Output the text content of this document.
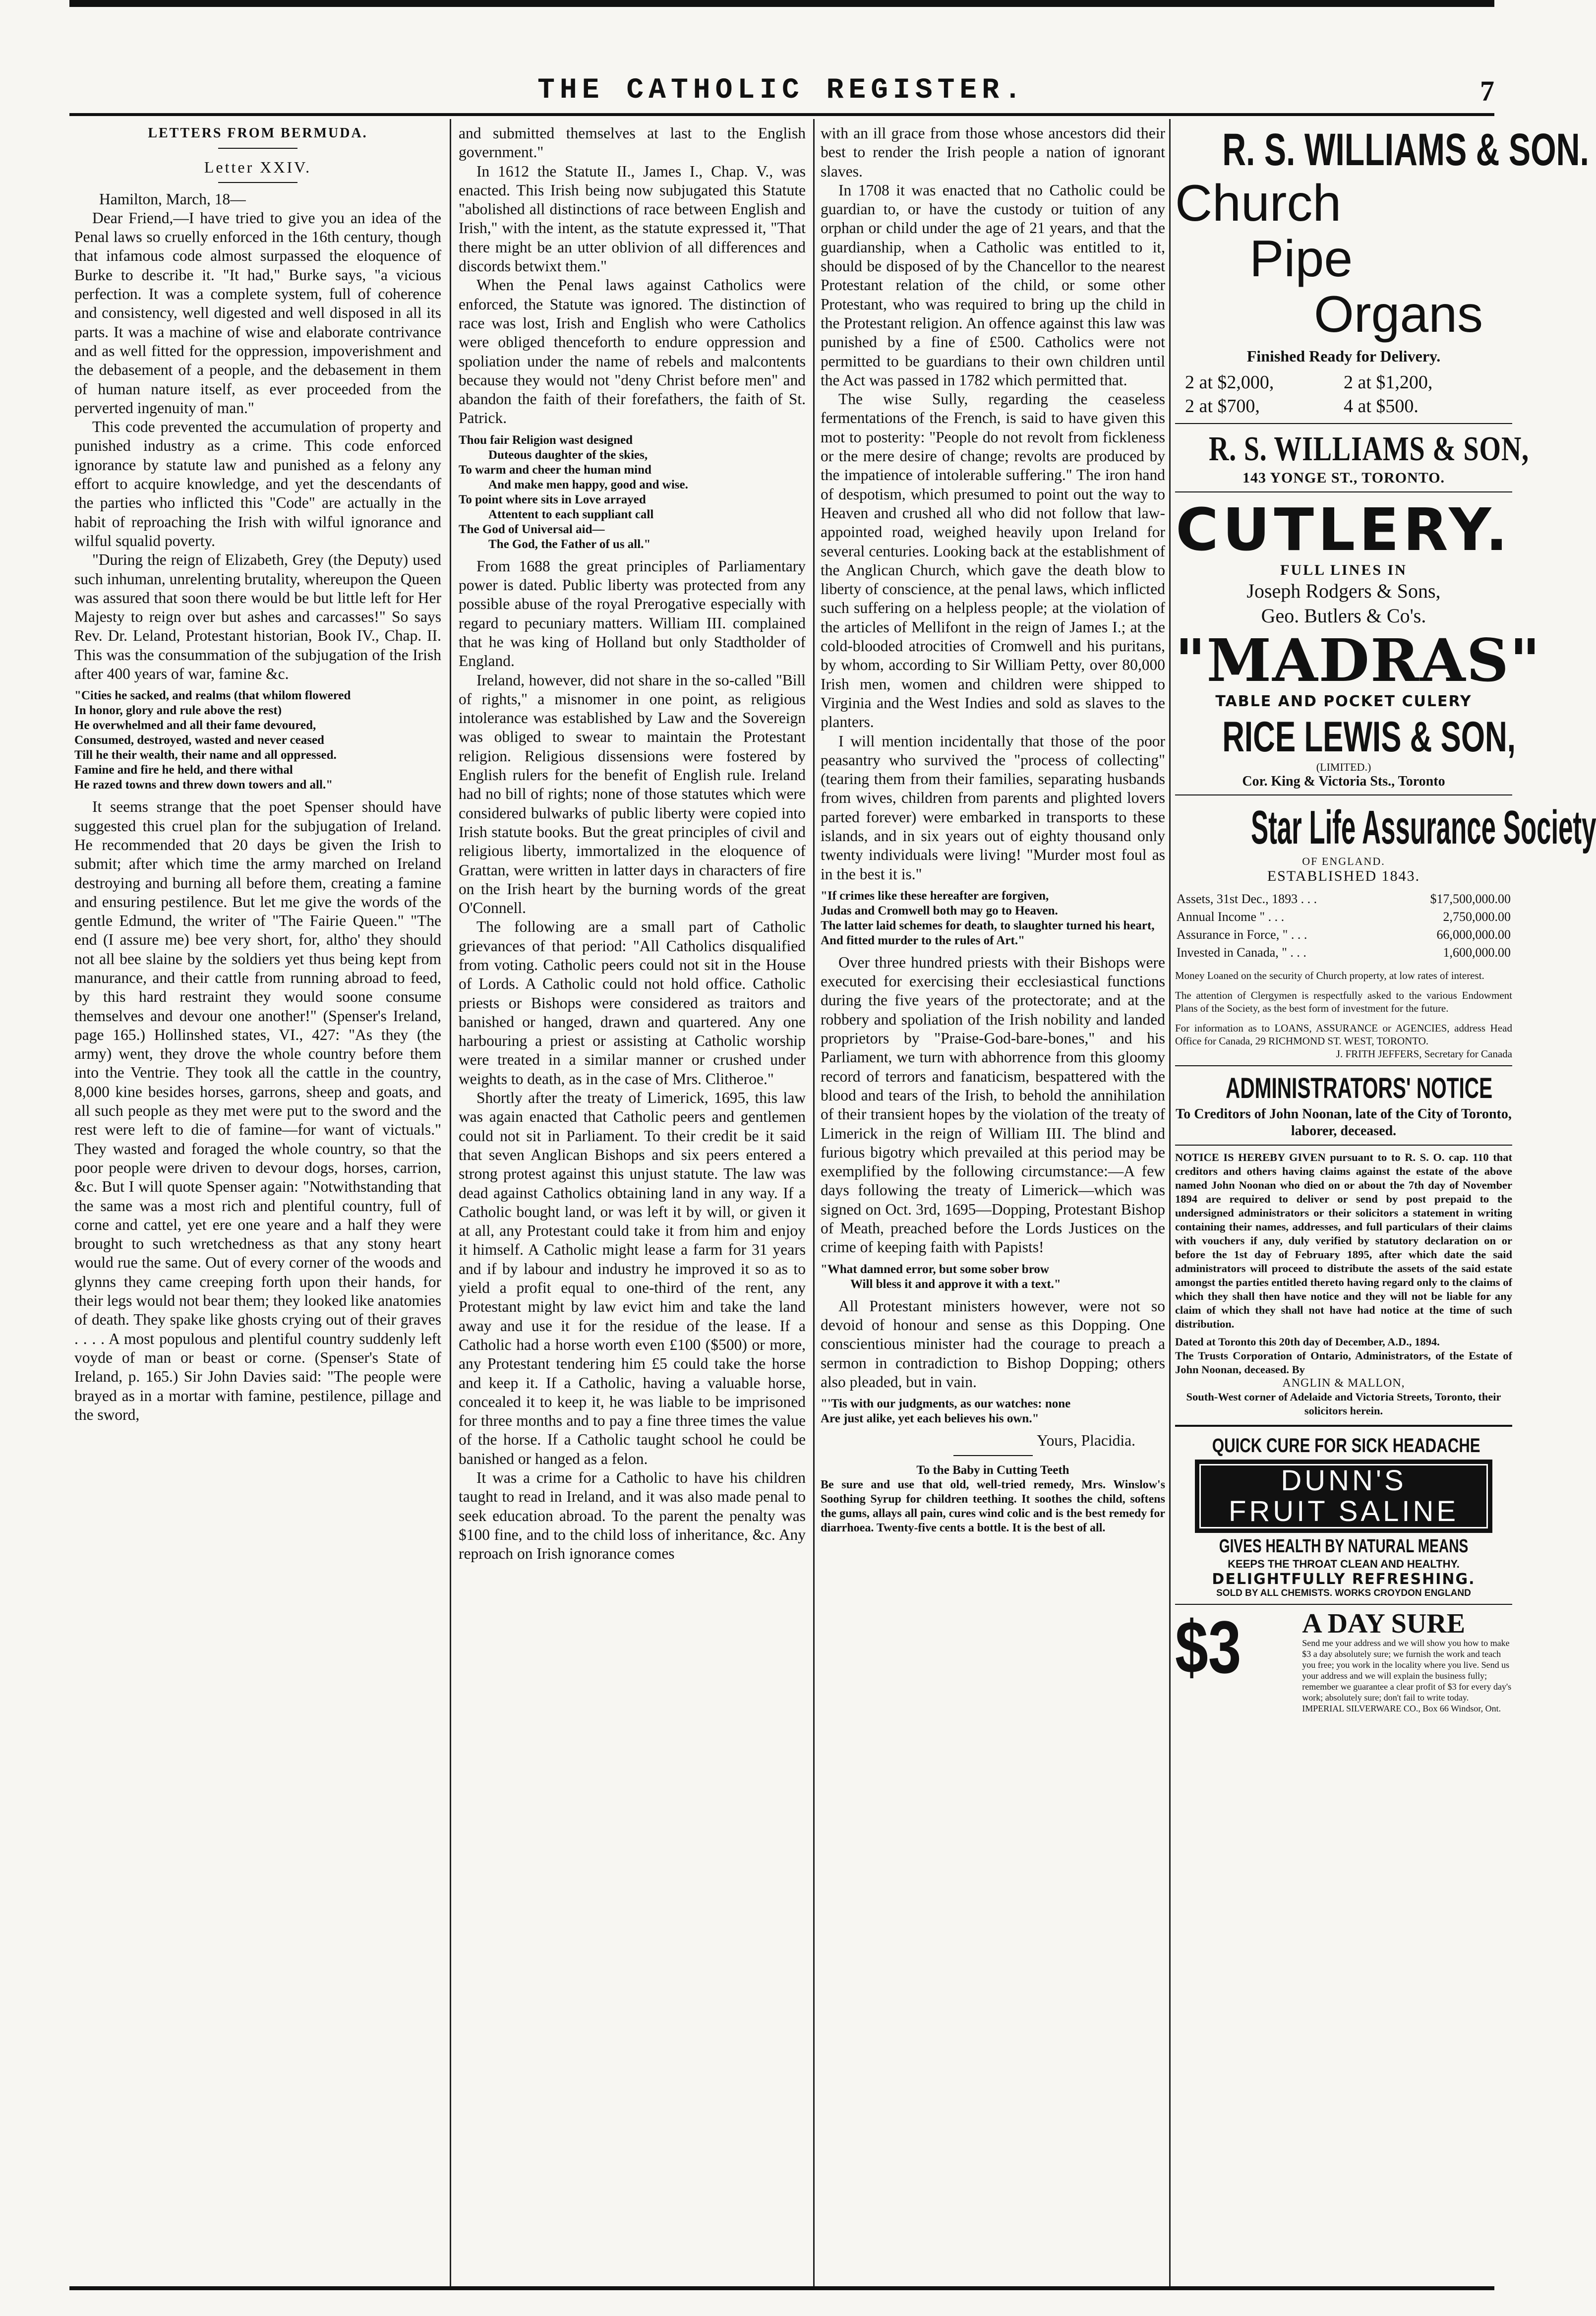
THE CATHOLIC REGISTER.	7
LETTERS FROM BERMUDA.
Letter XXIV.

Hamilton, March, 18—

Dear Friend,—I have tried to give you an idea of the Penal laws so cruelly enforced in the 16th century, though that infamous code almost surpassed the eloquence of Burke to describe it. "It had," Burke says, "a vicious perfection. It was a complete system, full of coherence and consistency, well digested and well disposed in all its parts. It was a machine of wise and elaborate contrivance and as well fitted for the oppression, impoverishment and the debasement of a people, and the debasement in them of human nature itself, as ever proceeded from the perverted ingenuity of man."

This code prevented the accumulation of property and punished industry as a crime. This code enforced ignorance by statute law and punished as a felony any effort to acquire knowledge, and yet the descendants of the parties who inflicted this "Code" are actually in the habit of reproaching the Irish with wilful ignorance and wilful squalid poverty.

"During the reign of Elizabeth, Grey (the Deputy) used such inhuman, unrelenting brutality, whereupon the Queen was assured that soon there would be but little left for Her Majesty to reign over but ashes and carcasses!" So says Rev. Dr. Leland, Protestant historian, Book IV., Chap. II. This was the consummation of the subjugation of the Irish after 400 years of war, famine &c.

"Cities he sacked, and realms (that whilom flowered
In honor, glory and rule above the rest)
He overwhelmed and all their fame devoured,
Consumed, destroyed, wasted and never ceased
Till he their wealth, their name and all oppressed.
Famine and fire he held, and there withal
He razed towns and threw down towers and all."

It seems strange that the poet Spenser should have suggested this cruel plan for the subjugation of Ireland. He recommended that 20 days be given the Irish to submit; after which time the army marched on Ireland destroying and burning all before them, creating a famine and ensuring pestilence. But let me give the words of the gentle Edmund, the writer of "The Fairie Queen." "The end (I assure me) bee very short, for, altho' they should not all bee slaine by the soldiers yet thus being kept from manurance, and their cattle from running abroad to feed, by this hard restraint they would soone consume themselves and devour one another!" (Spenser's Ireland, page 165.) Hollinshed states, VI., 427: "As they (the army) went, they drove the whole country before them into the Ventrie. They took all the cattle in the country, 8,000 kine besides horses, garrons, sheep and goats, and all such people as they met were put to the sword and the rest were left to die of famine—for want of victuals." They wasted and foraged the whole country, so that the poor people were driven to devour dogs, horses, carrion, &c. But I will quote Spenser again: "Notwithstanding that the same was a most rich and plentiful country, full of corne and cattel, yet ere one yeare and a half they were brought to such wretchedness as that any stony heart would rue the same. Out of every corner of the woods and glynns they came creeping forth upon their hands, for their legs would not bear them; they looked like anatomies of death. They spake like ghosts crying out of their graves . . . . A most populous and plentiful country suddenly left voyde of man or beast or corne. (Spenser's State of Ireland, p. 165.) Sir John Davies said: "The people were brayed as in a mortar with famine, pestilence, pillage and the sword,

and submitted themselves at last to the English government."

In 1612 the Statute II., James I., Chap. V., was enacted. This Irish being now subjugated this Statute "abolished all distinctions of race between English and Irish," with the intent, as the statute expressed it, "That there might be an utter oblivion of all differences and discords betwixt them."

When the Penal laws against Catholics were enforced, the Statute was ignored. The distinction of race was lost, Irish and English who were Catholics were obliged thenceforth to endure oppression and spoliation under the name of rebels and malcontents because they would not "deny Christ before men" and abandon the faith of their forefathers, the faith of St. Patrick.

Thou fair Religion wast designed
Duteous daughter of the skies,
To warm and cheer the human mind
And make men happy, good and wise.
To point where sits in Love arrayed
Attentent to each suppliant call
The God of Universal aid—
The God, the Father of us all."

From 1688 the great principles of Parliamentary power is dated. Public liberty was protected from any possible abuse of the royal Prerogative especially with regard to pecuniary matters. William III. complained that he was king of Holland but only Stadtholder of England.

Ireland, however, did not share in the so-called "Bill of rights," a misnomer in one point, as religious intolerance was established by Law and the Sovereign was obliged to swear to maintain the Protestant religion. Religious dissensions were fostered by English rulers for the benefit of English rule. Ireland had no bill of rights; none of those statutes which were considered bulwarks of public liberty were copied into Irish statute books. But the great principles of civil and religious liberty, immortalized in the eloquence of Grattan, were written in latter days in characters of fire on the Irish heart by the burning words of the great O'Connell.

The following are a small part of Catholic grievances of that period: "All Catholics disqualified from voting. Catholic peers could not sit in the House of Lords. A Catholic could not hold office. Catholic priests or Bishops were considered as traitors and banished or hanged, drawn and quartered. Any one harbouring a priest or assisting at Catholic worship were treated in a similar manner or crushed under weights to death, as in the case of Mrs. Clitheroe."

Shortly after the treaty of Limerick, 1695, this law was again enacted that Catholic peers and gentlemen could not sit in Parliament. To their credit be it said that seven Anglican Bishops and six peers entered a strong protest against this unjust statute. The law was dead against Catholics obtaining land in any way. If a Catholic bought land, or was left it by will, or given it at all, any Protestant could take it from him and enjoy it himself. A Catholic might lease a farm for 31 years and if by labour and industry he improved it so as to yield a profit equal to one-third of the rent, any Protestant might by law evict him and take the land away and use it for the residue of the lease. If a Catholic had a horse worth even £100 ($500) or more, any Protestant tendering him £5 could take the horse and keep it. If a Catholic, having a valuable horse, concealed it to keep it, he was liable to be imprisoned for three months and to pay a fine three times the value of the horse. If a Catholic taught school he could be banished or hanged as a felon.

It was a crime for a Catholic to have his children taught to read in Ireland, and it was also made penal to seek education abroad. To the parent the penalty was $100 fine, and to the child loss of inheritance, &c. Any reproach on Irish ignorance comes

with an ill grace from those whose ancestors did their best to render the Irish people a nation of ignorant slaves.

In 1708 it was enacted that no Catholic could be guardian to, or have the custody or tuition of any orphan or child under the age of 21 years, and that the guardianship, when a Catholic was entitled to it, should be disposed of by the Chancellor to the nearest Protestant relation of the child, or some other Protestant, who was required to bring up the child in the Protestant religion. An offence against this law was punished by a fine of £500. Catholics were not permitted to be guardians to their own children until the Act was passed in 1782 which permitted that.

The wise Sully, regarding the ceaseless fermentations of the French, is said to have given this mot to posterity: "People do not revolt from fickleness or the mere desire of change; revolts are produced by the impatience of intolerable suffering." The iron hand of despotism, which presumed to point out the way to Heaven and crushed all who did not follow that law-appointed road, weighed heavily upon Ireland for several centuries. Looking back at the establishment of the Anglican Church, which gave the death blow to liberty of conscience, at the penal laws, which inflicted such suffering on a helpless people; at the violation of the articles of Mellifont in the reign of James I.; at the cold-blooded atrocities of Cromwell and his puritans, by whom, according to Sir William Petty, over 80,000 Irish men, women and children were shipped to Virginia and the West Indies and sold as slaves to the planters.

I will mention incidentally that those of the poor peasantry who survived the "process of collecting" (tearing them from their families, separating husbands from wives, children from parents and plighted lovers parted forever) were embarked in transports to these islands, and in six years out of eighty thousand only twenty individuals were living! "Murder most foul as in the best it is."

"If crimes like these hereafter are forgiven,
Judas and Cromwell both may go to Heaven.
The latter laid schemes for death, to slaughter turned his heart,
And fitted murder to the rules of Art."

Over three hundred priests with their Bishops were executed for exercising their ecclesiastical functions during the five years of the protectorate; and at the robbery and spoliation of the Irish nobility and landed proprietors by "Praise-God-bare-bones," and his Parliament, we turn with abhorrence from this gloomy record of terrors and fanaticism, bespattered with the blood and tears of the Irish, to behold the annihilation of their transient hopes by the violation of the treaty of Limerick in the reign of William III. The blind and furious bigotry which prevailed at this period may be exemplified by the following circumstance:—A few days following the treaty of Limerick—which was signed on Oct. 3rd, 1695—Dopping, Protestant Bishop of Meath, preached before the Lords Justices on the crime of keeping faith with Papists!

"What damned error, but some sober brow
Will bless it and approve it with a text."

All Protestant ministers however, were not so devoid of honour and sense as this Dopping. One conscientious minister had the courage to preach a sermon in contradiction to Bishop Dopping; others also pleaded, but in vain.

"'Tis with our judgments, as our watches: none
Are just alike, yet each believes his own."

Yours, Placidia.

To the Baby in Cutting Teeth

Be sure and use that old, well-tried remedy, Mrs. Winslow's Soothing Syrup for children teething. It soothes the child, softens the gums, allays all pain, cures wind colic and is the best remedy for diarrhoea. Twenty-five cents a bottle. It is the best of all.

R. S. WILLIAMS & SON.
Church
Pipe
Organs
Finished Ready for Delivery.
2 at $2,000,	2 at $1,200,
2 at $700,	4 at $500.
R. S. WILLIAMS & SON,
143 YONGE ST., TORONTO.
CUTLERY.
FULL LINES IN
Joseph Rodgers & Sons,
Geo. Butlers & Co's.
"MADRAS"
TABLE AND POCKET CULERY
RICE LEWIS & SON,
(LIMITED.)
Cor. King & Victoria Sts., Toronto
Star Life Assurance Society
OF ENGLAND.
ESTABLISHED 1843.
Assets, 31st Dec., 1893 . . .	$17,500,000.00
Annual Income " . . .	2,750,000.00
Assurance in Force, " . . .	66,000,000.00
Invested in Canada, " . . .	1,600,000.00
Money Loaned on the security of Church property, at low rates of interest.
The attention of Clergymen is respectfully asked to the various Endowment Plans of the Society, as the best form of investment for the future.
For information as to LOANS, ASSURANCE or AGENCIES, address Head Office for Canada, 29 RICHMOND ST. WEST, TORONTO.
J. FRITH JEFFERS, Secretary for Canada
ADMINISTRATORS' NOTICE
To Creditors of John Noonan, late of the City of Toronto, laborer, deceased.
NOTICE IS HEREBY GIVEN pursuant to to R. S. O. cap. 110 that creditors and others having claims against the estate of the above named John Noonan who died on or about the 7th day of November 1894 are required to deliver or send by post prepaid to the undersigned administrators or their solicitors a statement in writing containing their names, addresses, and full particulars of their claims with vouchers if any, duly verified by statutory declaration on or before the 1st day of February 1895, after which date the said administrators will proceed to distribute the assets of the said estate amongst the parties entitled thereto having regard only to the claims of which they shall then have notice and they will not be liable for any claim of which they shall not have had notice at the time of such distribution.
Dated at Toronto this 20th day of December, A.D., 1894.
The Trusts Corporation of Ontario, Administrators, of the Estate of John Noonan, deceased. By
ANGLIN & MALLON,
South-West corner of Adelaide and Victoria Streets, Toronto, their solicitors herein.
QUICK CURE FOR SICK HEADACHE
DUNN'S
FRUIT SALINE
GIVES HEALTH BY NATURAL MEANS
KEEPS THE THROAT CLEAN AND HEALTHY.
DELIGHTFULLY REFRESHING.
SOLD BY ALL CHEMISTS. WORKS CROYDON ENGLAND
$3	A DAY SURE
Send me your address and we will show you how to make $3 a day absolutely sure; we furnish the work and teach you free; you work in the locality where you live. Send us your address and we will explain the business fully; remember we guarantee a clear profit of $3 for every day's work; absolutely sure; don't fail to write today. IMPERIAL SILVERWARE CO., Box 66 Windsor, Ont.
